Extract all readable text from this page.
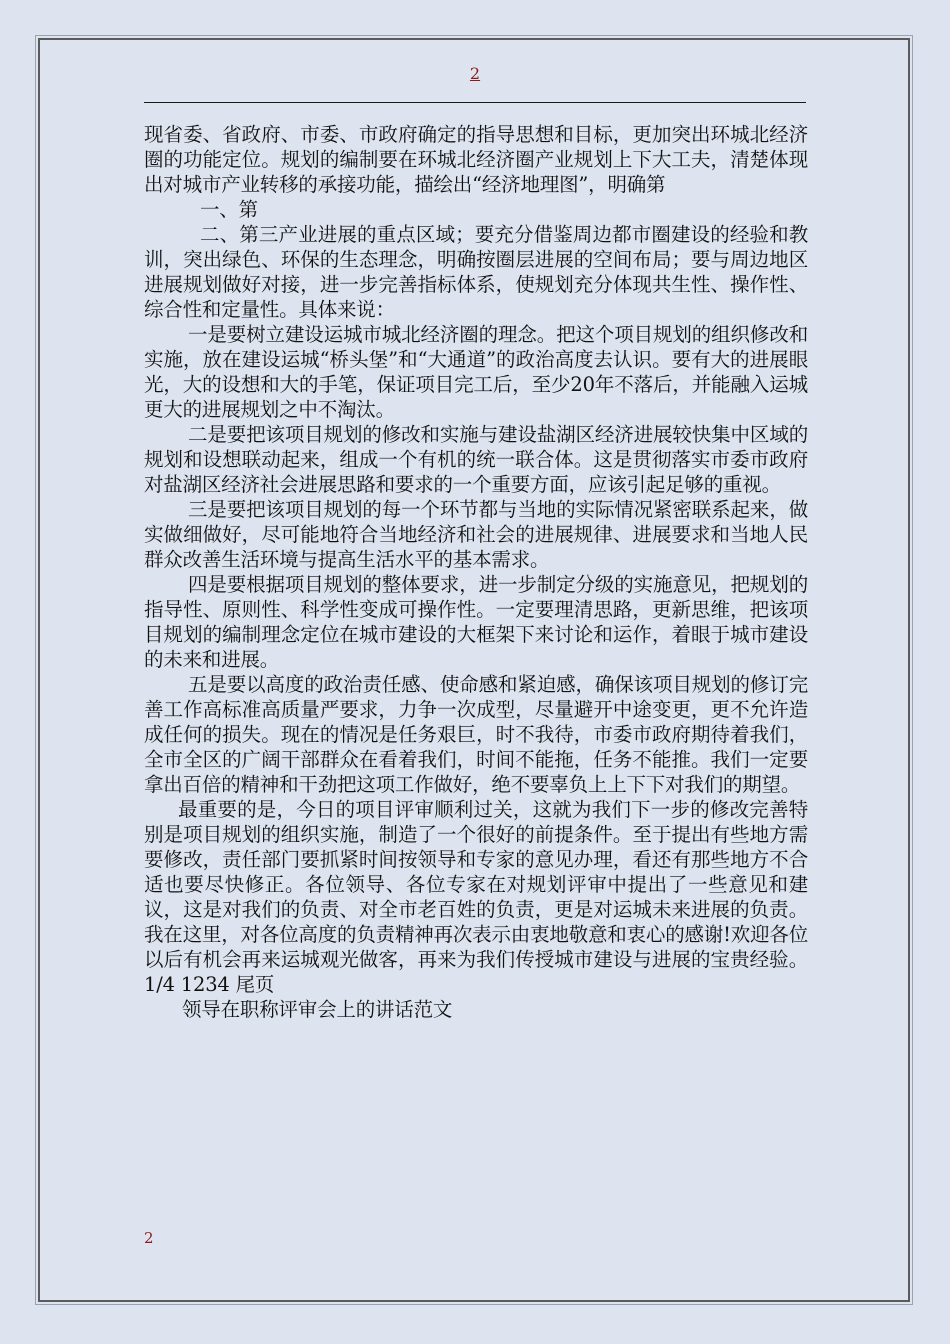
2

现省委、省政府、市委、市政府确定的指导思想和目标，更加突出环城北经济圈的功能定位。规划的编制要在环城北经济圈产业规划上下大工夫，清楚体现出对城市产业转移的承接功能，描绘出“经济地理图”，明确第

一、第

二、第三产业进展的重点区域；要充分借鉴周边都市圈建设的经验和教训，突出绿色、环保的生态理念，明确按圈层进展的空间布局；要与周边地区进展规划做好对接，进一步完善指标体系，使规划充分体现共生性、操作性、综合性和定量性。具体来说：

一是要树立建设运城市城北经济圈的理念。把这个项目规划的组织修改和实施，放在建设运城“桥头堡”和“大通道”的政治高度去认识。要有大的进展眼光，大的设想和大的手笔，保证项目完工后，至少20年不落后，并能融入运城更大的进展规划之中不淘汰。

二是要把该项目规划的修改和实施与建设盐湖区经济进展较快集中区域的规划和设想联动起来，组成一个有机的统一联合体。这是贯彻落实市委市政府对盐湖区经济社会进展思路和要求的一个重要方面，应该引起足够的重视。

三是要把该项目规划的每一个环节都与当地的实际情况紧密联系起来，做实做细做好，尽可能地符合当地经济和社会的进展规律、进展要求和当地人民群众改善生活环境与提高生活水平的基本需求。

四是要根据项目规划的整体要求，进一步制定分级的实施意见，把规划的指导性、原则性、科学性变成可操作性。一定要理清思路，更新思维，把该项目规划的编制理念定位在城市建设的大框架下来讨论和运作，着眼于城市建设的未来和进展。

五是要以高度的政治责任感、使命感和紧迫感，确保该项目规划的修订完善工作高标准高质量严要求，力争一次成型，尽量避开中途变更，更不允许造成任何的损失。现在的情况是任务艰巨，时不我待，市委市政府期待着我们，全市全区的广阔干部群众在看着我们，时间不能拖，任务不能推。我们一定要拿出百倍的精神和干劲把这项工作做好，绝不要辜负上上下下对我们的期望。

最重要的是，今日的项目评审顺利过关，这就为我们下一步的修改完善特别是项目规划的组织实施，制造了一个很好的前提条件。至于提出有些地方需要修改，责任部门要抓紧时间按领导和专家的意见办理，看还有那些地方不合适也要尽快修正。各位领导、各位专家在对规划评审中提出了一些意见和建议，这是对我们的负责、对全市老百姓的负责，更是对运城未来进展的负责。我在这里，对各位高度的负责精神再次表示由衷地敬意和衷心的感谢!欢迎各位以后有机会再来运城观光做客，再来为我们传授城市建设与进展的宝贵经验。1/4 1234 尾页

领导在职称评审会上的讲话范文

2
